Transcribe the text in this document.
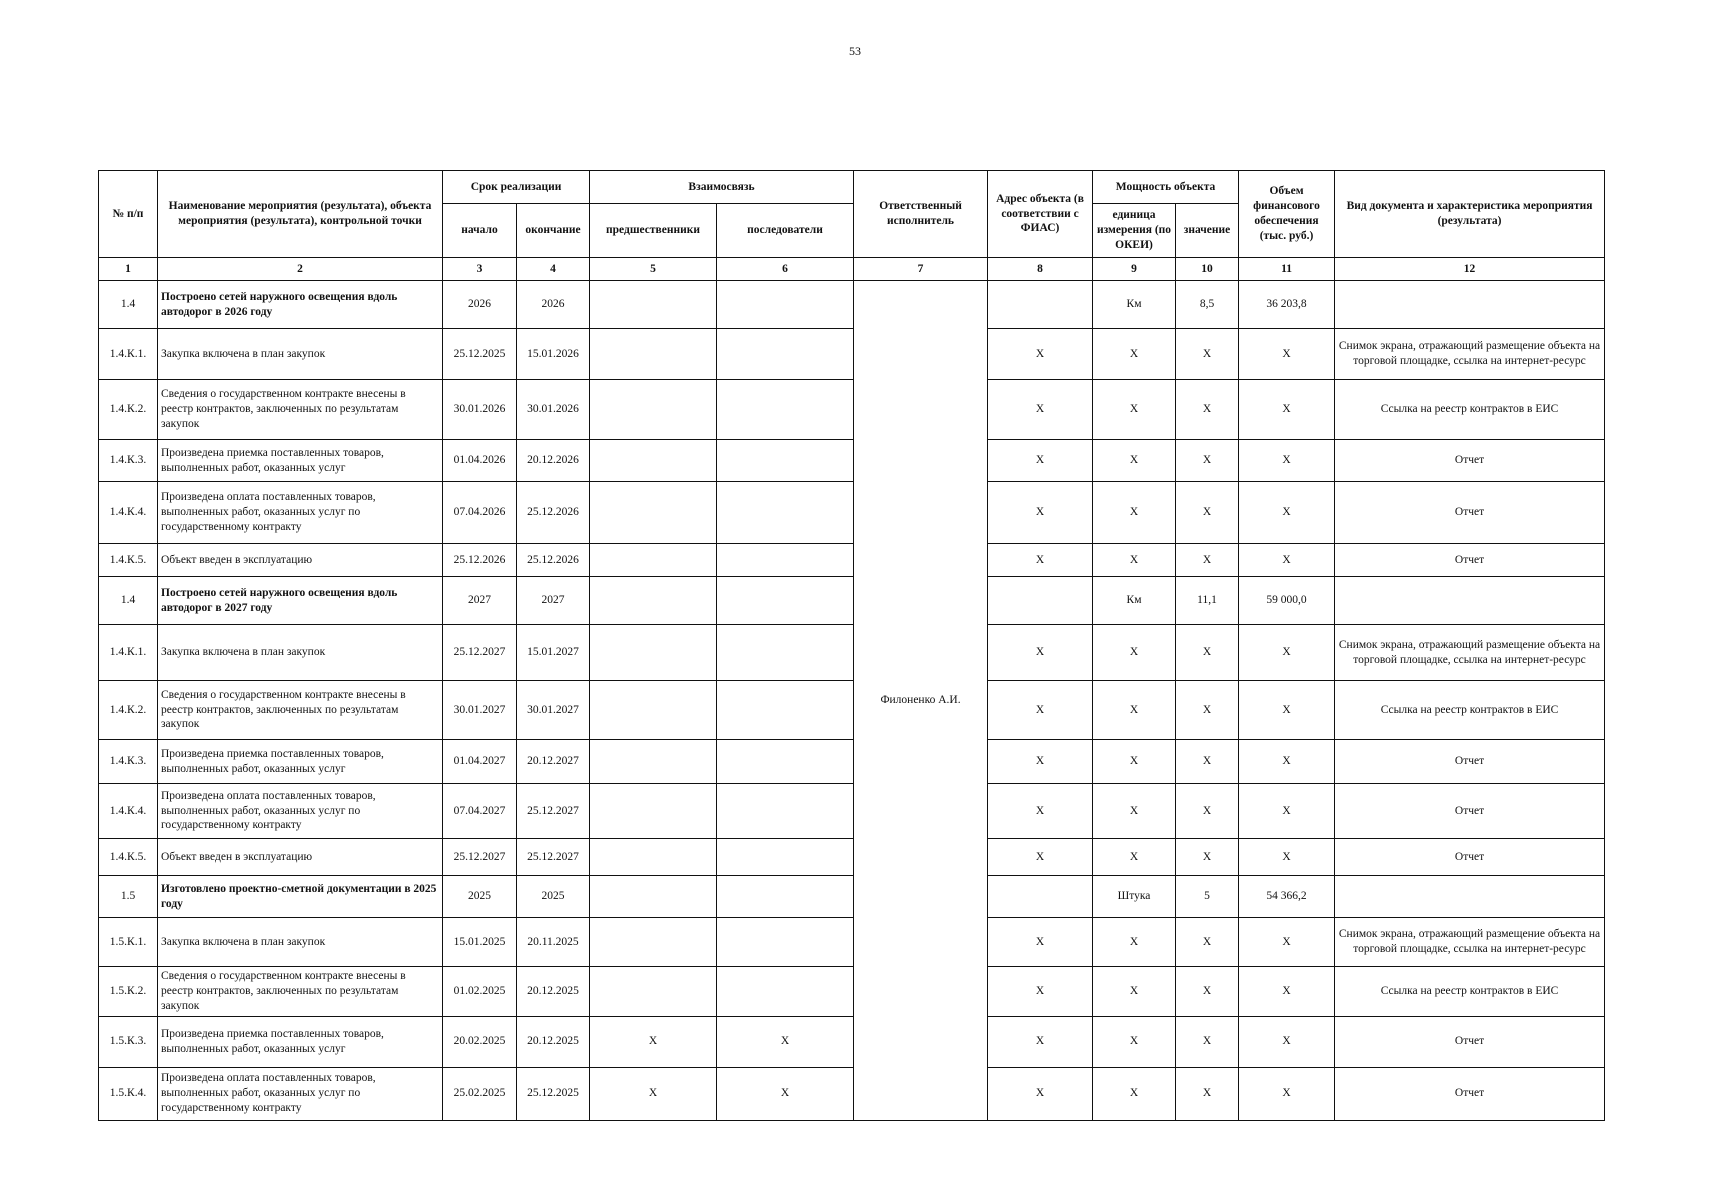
53
№ п/п	Наименование мероприятия (результата), объекта мероприятия (результата), контрольной точки	Срок реализации		Взаимосвязь		Ответственный исполнитель	Адрес объекта (в соответствии с ФИАС)	Мощность объекта		Объем финансового обеспечения (тыс. руб.)	Вид документа и характеристика мероприятия (результата)
		начало	окончание	предшественники	последователи			единица измерения (по ОКЕИ)	значение		
1	2	3	4	5	6	7	8	9	10	11	12
1.4	Построено сетей наружного освещения вдоль автодорог в 2026 году	2026	2026			Филоненко А.И.		Км	8,5	36 203,8	
1.4.К.1.	Закупка включена в план закупок	25.12.2025	15.01.2026				X	X	X	X	Снимок экрана, отражающий размещение объекта на торговой площадке, ссылка на интернет-ресурс
1.4.К.2.	Сведения о государственном контракте внесены в реестр контрактов, заключенных по результатам закупок	30.01.2026	30.01.2026				X	X	X	X	Ссылка на реестр контрактов в ЕИС
1.4.К.3.	Произведена приемка поставленных товаров, выполненных работ, оказанных услуг	01.04.2026	20.12.2026				X	X	X	X	Отчет
1.4.К.4.	Произведена оплата поставленных товаров, выполненных работ, оказанных услуг по государственному контракту	07.04.2026	25.12.2026				X	X	X	X	Отчет
1.4.К.5.	Объект введен в эксплуатацию	25.12.2026	25.12.2026				X	X	X	X	Отчет
1.4	Построено сетей наружного освещения вдоль автодорог в 2027 году	2027	2027					Км	11,1	59 000,0	
1.4.К.1.	Закупка включена в план закупок	25.12.2027	15.01.2027				X	X	X	X	Снимок экрана, отражающий размещение объекта на торговой площадке, ссылка на интернет-ресурс
1.4.К.2.	Сведения о государственном контракте внесены в реестр контрактов, заключенных по результатам закупок	30.01.2027	30.01.2027				X	X	X	X	Ссылка на реестр контрактов в ЕИС
1.4.К.3.	Произведена приемка поставленных товаров, выполненных работ, оказанных услуг	01.04.2027	20.12.2027				X	X	X	X	Отчет
1.4.К.4.	Произведена оплата поставленных товаров, выполненных работ, оказанных услуг по государственному контракту	07.04.2027	25.12.2027				X	X	X	X	Отчет
1.4.К.5.	Объект введен в эксплуатацию	25.12.2027	25.12.2027				X	X	X	X	Отчет
1.5	Изготовлено проектно-сметной документации в 2025 году	2025	2025					Штука	5	54 366,2	
1.5.К.1.	Закупка включена в план закупок	15.01.2025	20.11.2025				X	X	X	X	Снимок экрана, отражающий размещение объекта на торговой площадке, ссылка на интернет-ресурс
1.5.К.2.	Сведения о государственном контракте внесены в реестр контрактов, заключенных по результатам закупок	01.02.2025	20.12.2025				X	X	X	X	Ссылка на реестр контрактов в ЕИС
1.5.К.3.	Произведена приемка поставленных товаров, выполненных работ, оказанных услуг	20.02.2025	20.12.2025	X	X		X	X	X	X	Отчет
1.5.К.4.	Произведена оплата поставленных товаров, выполненных работ, оказанных услуг по государственному контракту	25.02.2025	25.12.2025	X	X		X	X	X	X	Отчет
